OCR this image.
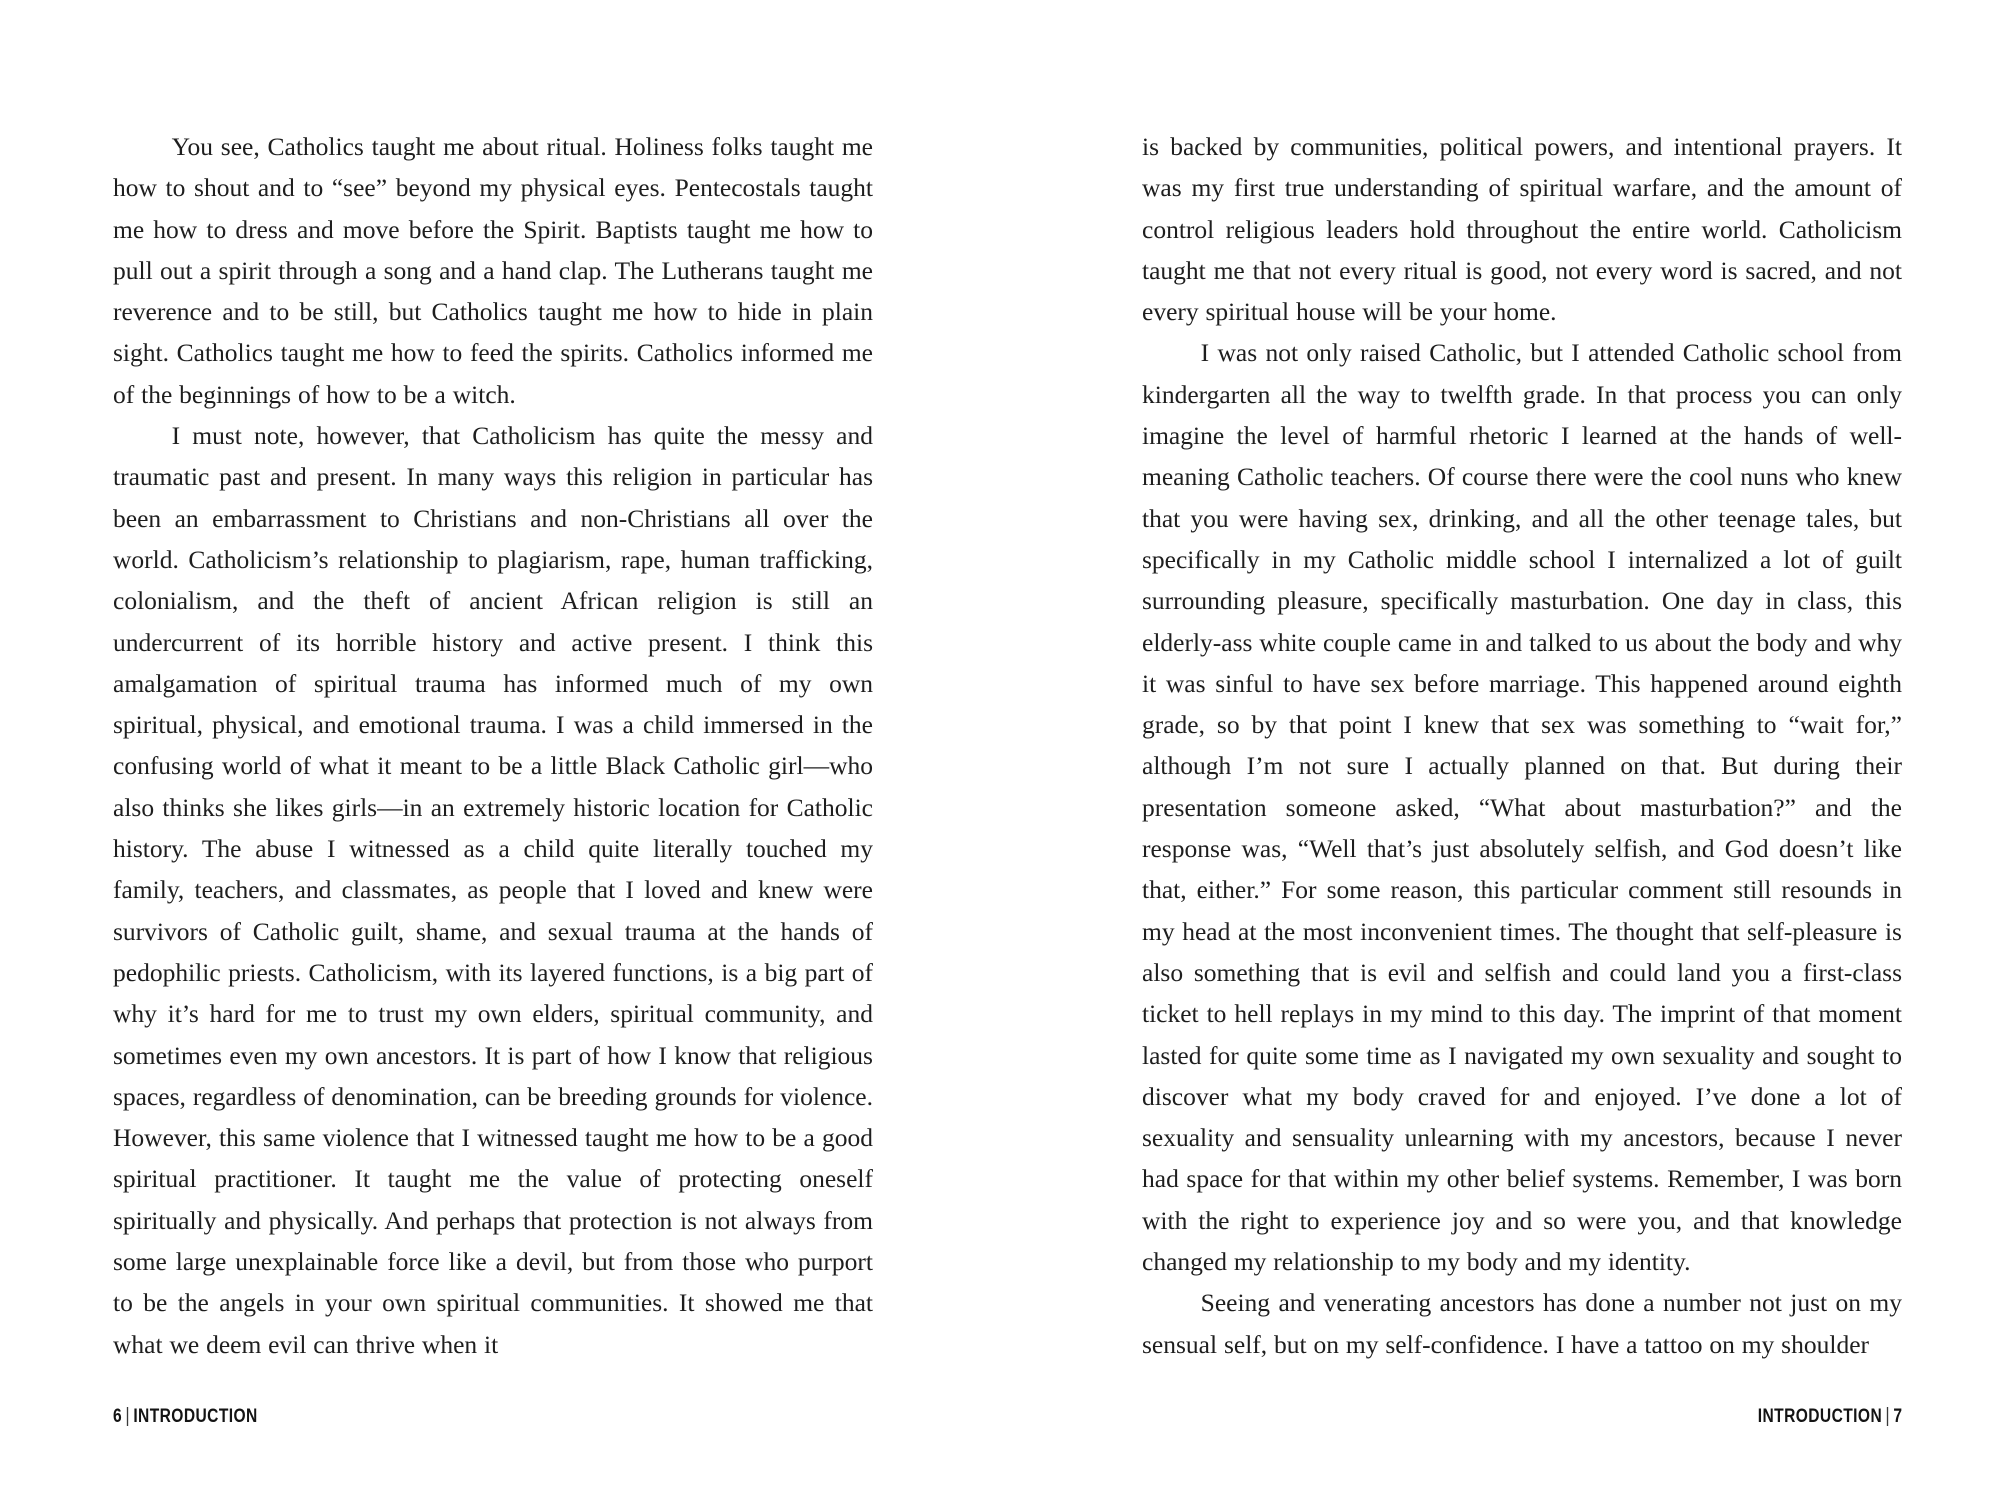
You see, Catholics taught me about ritual. Holiness folks taught me how to shout and to “see” beyond my physical eyes. Pentecostals taught me how to dress and move before the Spirit. Baptists taught me how to pull out a spirit through a song and a hand clap. The Lutherans taught me reverence and to be still, but Catholics taught me how to hide in plain sight. Catholics taught me how to feed the spirits. Catholics informed me of the beginnings of how to be a witch.

I must note, however, that Catholicism has quite the messy and traumatic past and present. In many ways this religion in particular has been an embarrassment to Christians and non-Christians all over the world. Catholicism’s relationship to plagiarism, rape, human trafficking, colonialism, and the theft of ancient African religion is still an undercurrent of its horrible history and active present. I think this amalgamation of spiritual trauma has informed much of my own spiritual, physical, and emotional trauma. I was a child immersed in the confusing world of what it meant to be a little Black Catholic girl—who also thinks she likes girls—in an extremely historic location for Catholic history. The abuse I witnessed as a child quite literally touched my family, teachers, and classmates, as people that I loved and knew were survivors of Catholic guilt, shame, and sexual trauma at the hands of pedophilic priests. Catholicism, with its layered functions, is a big part of why it’s hard for me to trust my own elders, spiritual community, and sometimes even my own ancestors. It is part of how I know that religious spaces, regardless of denomination, can be breeding grounds for violence. However, this same violence that I witnessed taught me how to be a good spiritual practitioner. It taught me the value of protecting oneself spiritually and physically. And perhaps that protection is not always from some large unexplainable force like a devil, but from those who purport to be the angels in your own spiritual communities. It showed me that what we deem evil can thrive when it

6 | INTRODUCTION

is backed by communities, political powers, and intentional prayers. It was my first true understanding of spiritual warfare, and the amount of control religious leaders hold throughout the entire world. Catholicism taught me that not every ritual is good, not every word is sacred, and not every spiritual house will be your home.

I was not only raised Catholic, but I attended Catholic school from kindergarten all the way to twelfth grade. In that process you can only imagine the level of harmful rhetoric I learned at the hands of well-meaning Catholic teachers. Of course there were the cool nuns who knew that you were having sex, drinking, and all the other teenage tales, but specifically in my Catholic middle school I internalized a lot of guilt surrounding pleasure, specifically masturbation. One day in class, this elderly-ass white couple came in and talked to us about the body and why it was sinful to have sex before marriage. This happened around eighth grade, so by that point I knew that sex was something to “wait for,” although I’m not sure I actually planned on that. But during their presentation someone asked, “What about masturbation?” and the response was, “Well that’s just absolutely selfish, and God doesn’t like that, either.” For some reason, this particular comment still resounds in my head at the most inconvenient times. The thought that self-pleasure is also something that is evil and selfish and could land you a first-class ticket to hell replays in my mind to this day. The imprint of that moment lasted for quite some time as I navigated my own sexuality and sought to discover what my body craved for and enjoyed. I’ve done a lot of sexuality and sensuality unlearning with my ancestors, because I never had space for that within my other belief systems. Remember, I was born with the right to experience joy and so were you, and that knowledge changed my relationship to my body and my identity.

Seeing and venerating ancestors has done a number not just on my sensual self, but on my self-confidence. I have a tattoo on my shoulder

INTRODUCTION | 7
